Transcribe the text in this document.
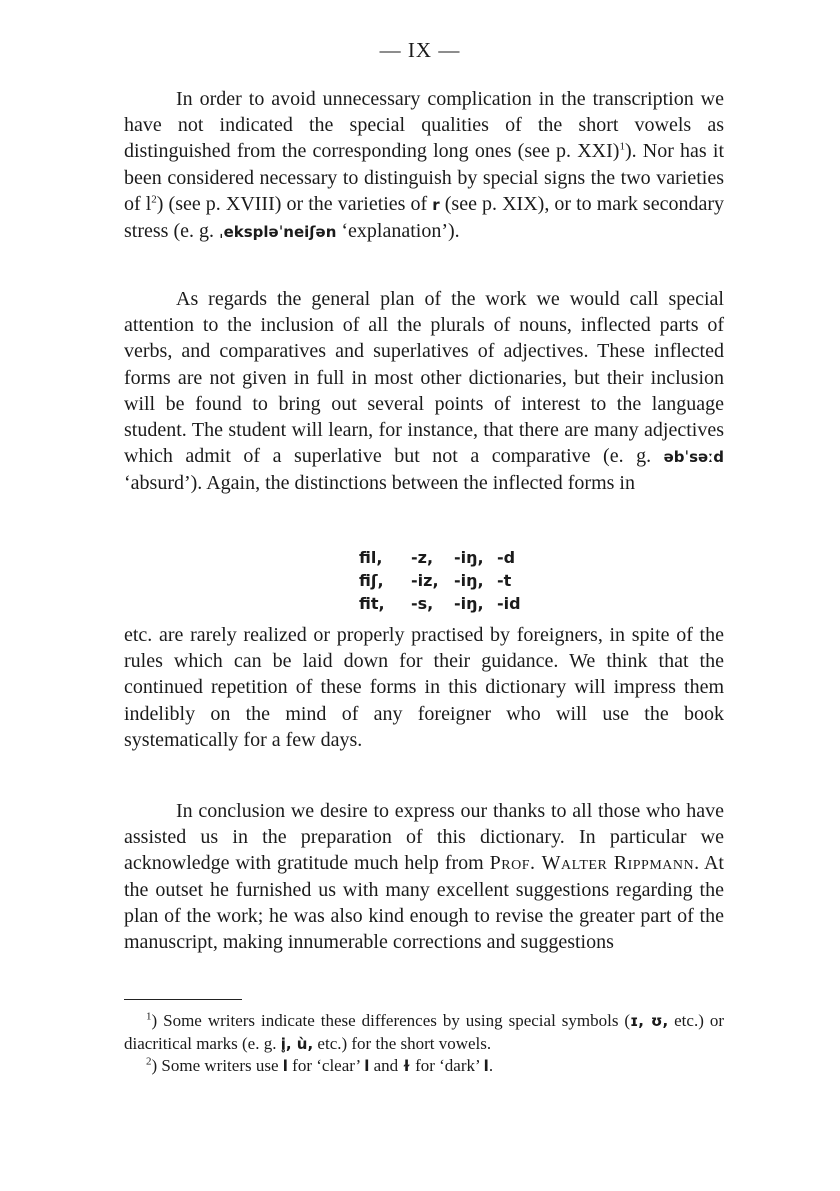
— IX —

In order to avoid unnecessary complication in the transcription we have not indicated the special qualities of the short vowels as distinguished from the corresponding long ones (see p. XXI)$^1$). Nor has it been considered necessary to distinguish by special signs the two varieties of $l^2$) (see p. XVIII) or the varieties of r (see p. XIX), or to mark secondary stress (e. g. ˌekspləˈneiʃən ‘explanation’).

As regards the general plan of the work we would call special attention to the inclusion of all the plurals of nouns, inflected parts of verbs, and comparatives and superlatives of adjectives. These inflected forms are not given in full in most other dictionaries, but their inclusion will be found to bring out several points of interest to the language student. The student will learn, for instance, that there are many adjectives which admit of a superlative but not a comparative (e. g. əbˈsəːd ‘absurd’). Again, the distinctions between the inflected forms in

fil, -z, -iŋ, -d
fiʃ, -iz, -iŋ, -t
fit, -s, -iŋ, -id

etc. are rarely realized or properly practised by foreigners, in spite of the rules which can be laid down for their guidance. We think that the continued repetition of these forms in this dictionary will impress them indelibly on the mind of any foreigner who will use the book systematically for a few days.

In conclusion we desire to express our thanks to all those who have assisted us in the preparation of this dictionary. In particular we acknowledge with gratitude much help from Prof. Walter Rippmann. At the outset he furnished us with many excellent suggestions regarding the plan of the work; he was also kind enough to revise the greater part of the manuscript, making innumerable corrections and suggestions

$^1$) Some writers indicate these differences by using special symbols (ɪ, ʊ, etc.) or diacritical marks (e. g. i̥, ù, etc.) for the short vowels.

$^2$) Some writers use l for ‘clear’ l and ɫ for ‘dark’ l.
